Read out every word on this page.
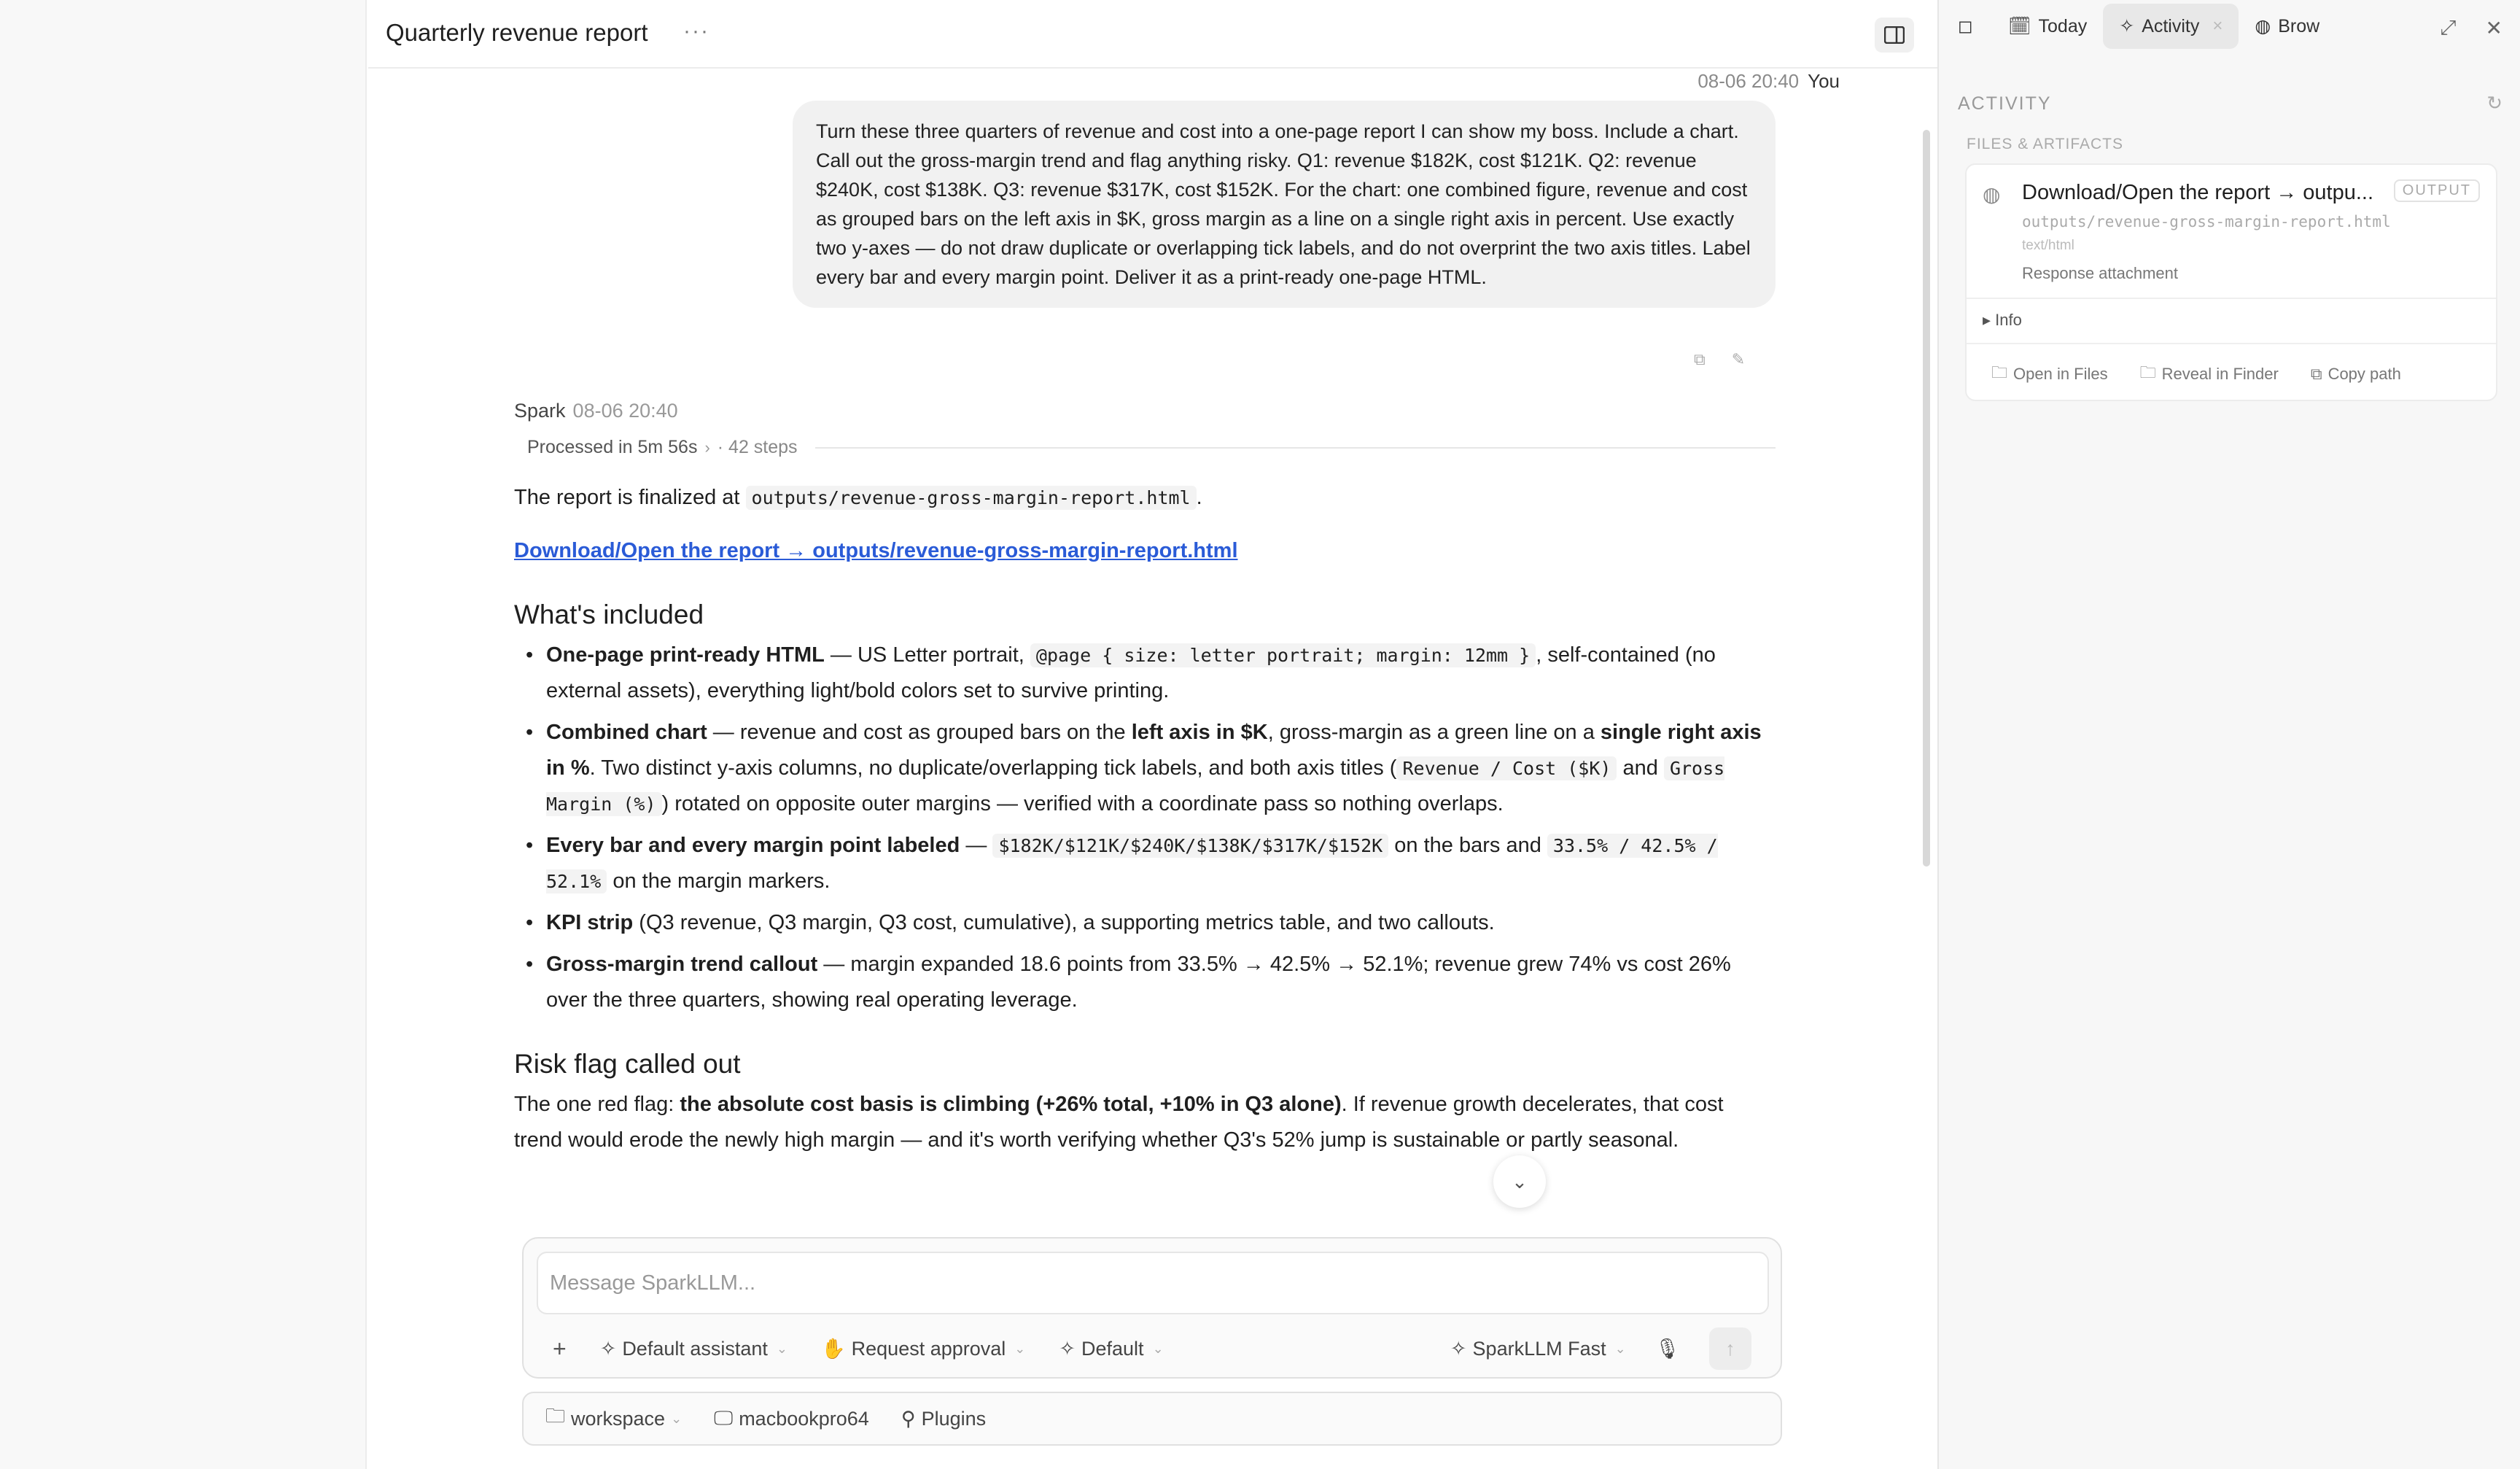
Quarterly revenue report ···
08-06 20:40 You
Turn these three quarters of revenue and cost into a one-page report I can show my boss. Include a chart. Call out the gross-margin trend and flag anything risky. Q1: revenue $182K, cost $121K. Q2: revenue $240K, cost $138K. Q3: revenue $317K, cost $152K. For the chart: one combined figure, revenue and cost as grouped bars on the left axis in $K, gross margin as a line on a single right axis in percent. Use exactly two y-axes — do not draw duplicate or overlapping tick labels, and do not overprint the two axis titles. Label every bar and every margin point. Deliver it as a print-ready one-page HTML.
⧉ ✎
Spark 08-06 20:40
Processed in 5m 56s › · 42 steps

The report is finalized at outputs/revenue-gross-margin-report.html .

Download/Open the report → outputs/revenue-gross-margin-report.html

What's included
• One-page print-ready HTML — US Letter portrait, @page { size: letter portrait; margin: 12mm } , self-contained (no external assets), everything light/bold colors set to survive printing.
• Combined chart — revenue and cost as grouped bars on the left axis in $K, gross-margin as a green line on a single right axis in %. Two distinct y-axis columns, no duplicate/overlapping tick labels, and both axis titles ( Revenue / Cost ($K) and Gross Margin (%) ) rotated on opposite outer margins — verified with a coordinate pass so nothing overlaps.
• Every bar and every margin point labeled — $182K/$121K/$240K/$138K/$317K/$152K on the bars and 33.5% / 42.5% / 52.1% on the margin markers.
• KPI strip (Q3 revenue, Q3 margin, Q3 cost, cumulative), a supporting metrics table, and two callouts.
• Gross-margin trend callout — margin expanded 18.6 points from 33.5% → 42.5% → 52.1%; revenue grew 74% vs cost 26% over the three quarters, showing real operating leverage.
Risk flag called out

The one red flag: the absolute cost basis is climbing (+26% total, +10% in Q3 alone). If revenue growth decelerates, that cost trend would erode the newly high margin — and it's worth verifying whether Q3's 52% jump is sustainable or partly seasonal.

⌄
Message SparkLLM...
+ ✧ Default assistant ⌄ ✋ Request approval ⌄ ✧ Default ⌄	✧ SparkLLM Fast ⌄ 🎙 ↑
🗀 workspace ⌄ 🖵 macbookpro64 ⚲ Plugins
◻	🗓 Today ✧ Activity × ◍ Brow	⤢ ✕
ACTIVITY	↻
FILES & ARTIFACTS
◍ Download/Open the report → outpu...	OUTPUT
outputs/revenue-gross-margin-report.html
text/html
Response attachment
▸ Info
🗀 Open in Files 🗀 Reveal in Finder ⧉ Copy path
